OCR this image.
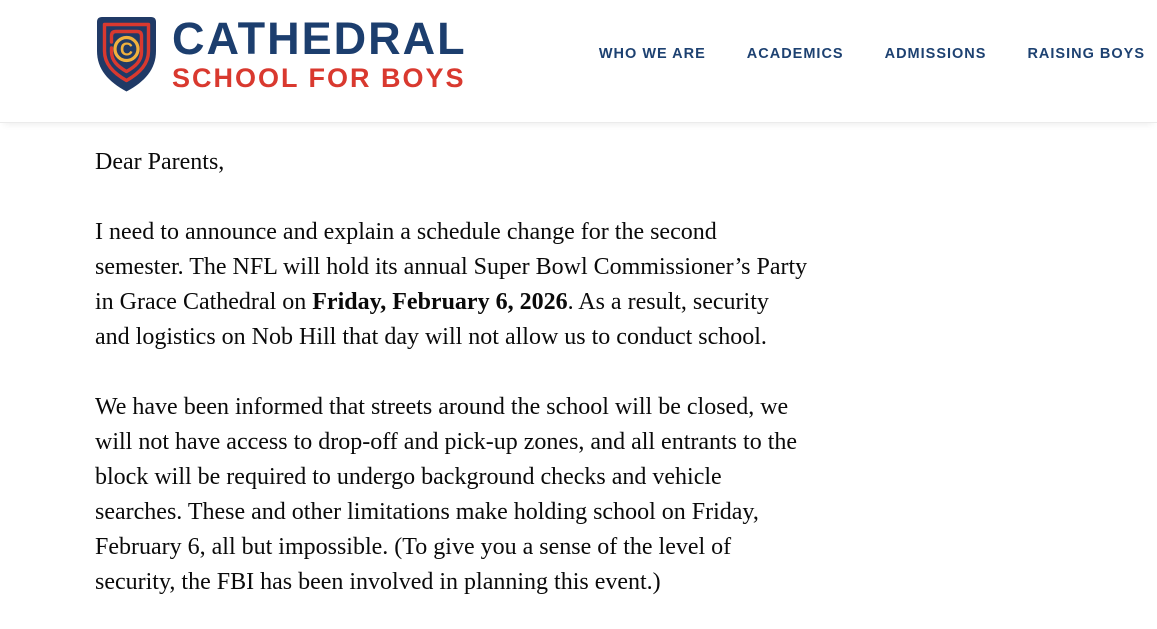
C CATHEDRAL
SCHOOL FOR BOYS
WHO WE ARE	ACADEMICS	ADMISSIONS	RAISING BOYS

Dear Parents,

I need to announce and explain a schedule change for the second
semester. The NFL will hold its annual Super Bowl Commissioner’s Party
in Grace Cathedral on Friday, February 6, 2026. As a result, security
and logistics on Nob Hill that day will not allow us to conduct school.

We have been informed that streets around the school will be closed, we
will not have access to drop-off and pick-up zones, and all entrants to the
block will be required to undergo background checks and vehicle
searches. These and other limitations make holding school on Friday,
February 6, all but impossible. (To give you a sense of the level of
security, the FBI has been involved in planning this event.)
